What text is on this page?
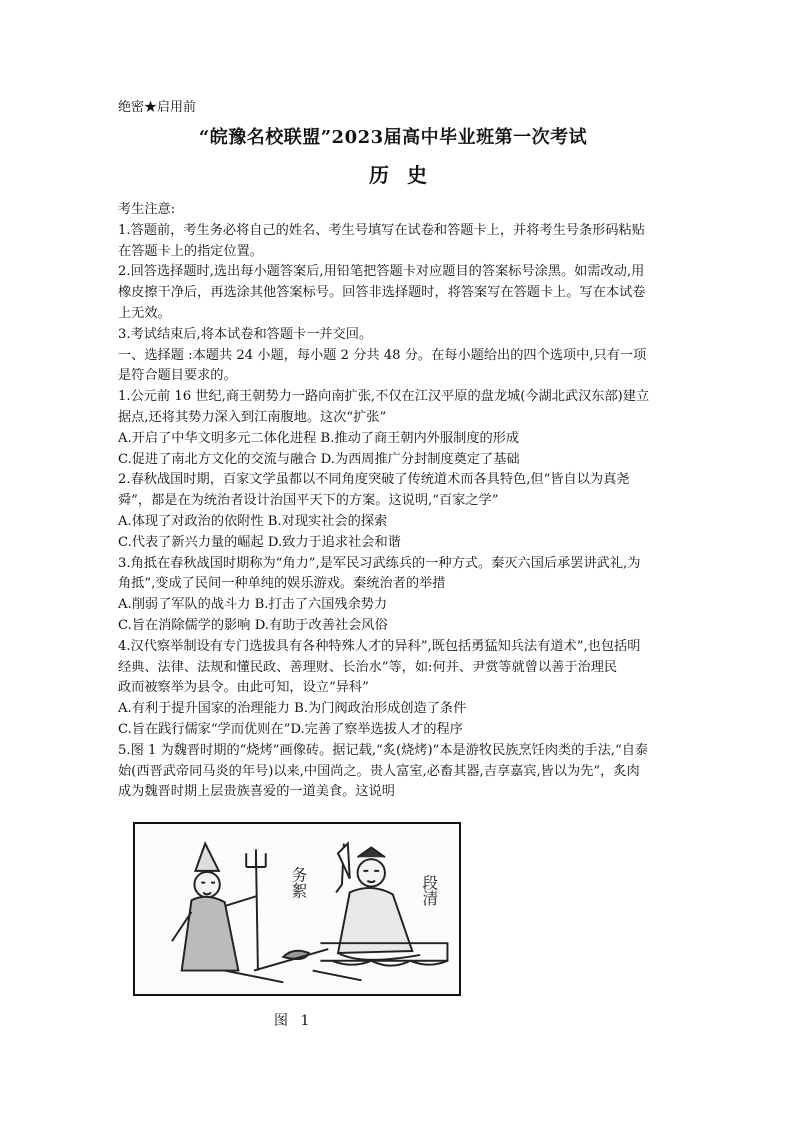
绝密★启用前
“皖豫名校联盟”2023届高中毕业班第一次考试
历史
考生注意:
1.答题前，考生务必将自己的姓名、考生号填写在试卷和答题卡上，并将考生号条形码粘贴
在答题卡上的指定位置。
2.回答选择题时,选出每小题答案后,用铅笔把答题卡对应题目的答案标号涂黑。如需改动,用
橡皮擦干净后，再选涂其他答案标号。回答非选择题时，将答案写在答题卡上。写在本试卷
上无效。
3.考试结束后,将本试卷和答题卡一并交回。
一、选择题 :本题共 24 小题，每小题 2 分共 48 分。在每小题给出的四个选项中,只有一项
是符合题目要求的。
1.公元前 16 世纪,商王朝势力一路向南扩张,不仅在江汉平原的盘龙城(今湖北武汉东部)建立
据点,还将其势力深入到江南腹地。这次“扩张”
A.开启了中华文明多元二体化进程 B.推动了商王朝内外服制度的形成
C.促进了南北方文化的交流与融合 D.为西周推广分封制度奠定了基础
2.春秋战国时期，百家文学虽都以不同角度突破了传统道术而各具特色,但“皆自以为真尧
舜”，都是在为统治者设计治国平天下的方案。这说明,“百家之学”
A.体现了对政治的依附性 B.对现实社会的探索
C.代表了新兴力量的崛起 D.致力于追求社会和谐
3.角抵在春秋战国时期称为“角力”,是军民习武练兵的一种方式。秦灭六国后承罢讲武礼,为
角抵”,变成了民间一种单纯的娱乐游戏。秦统治者的举措
A.削弱了军队的战斗力 B.打击了六国残余势力
C.旨在消除儒学的影响 D.有助于改善社会风俗
4.汉代察举制设有专门选拔具有各种特殊人才的异科”,既包括勇猛知兵法有道术”,也包括明
经典、法律、法规和懂民政、善理财、长治水”等，如:何并、尹赏等就曾以善于治理民
政而被察举为县令。由此可知，设立“异科”
A.有利于提升国家的治理能力 B.为门阀政治形成创造了条件
C.旨在践行儒家“学而优则在”D.完善了察举选拔人才的程序
5.图 1 为魏晋时期的“烧烤”画像砖。据记载,“炙(烧烤)”本是游牧民族烹饪肉类的手法,“自泰
始(西晋武帝同马炎的年号)以来,中国尚之。贵人富室,必畜其器,吉享嘉宾,皆以为先”，炙肉
成为魏晋时期上层贵族喜爱的一道美食。这说明
务絮	段清
图 1
